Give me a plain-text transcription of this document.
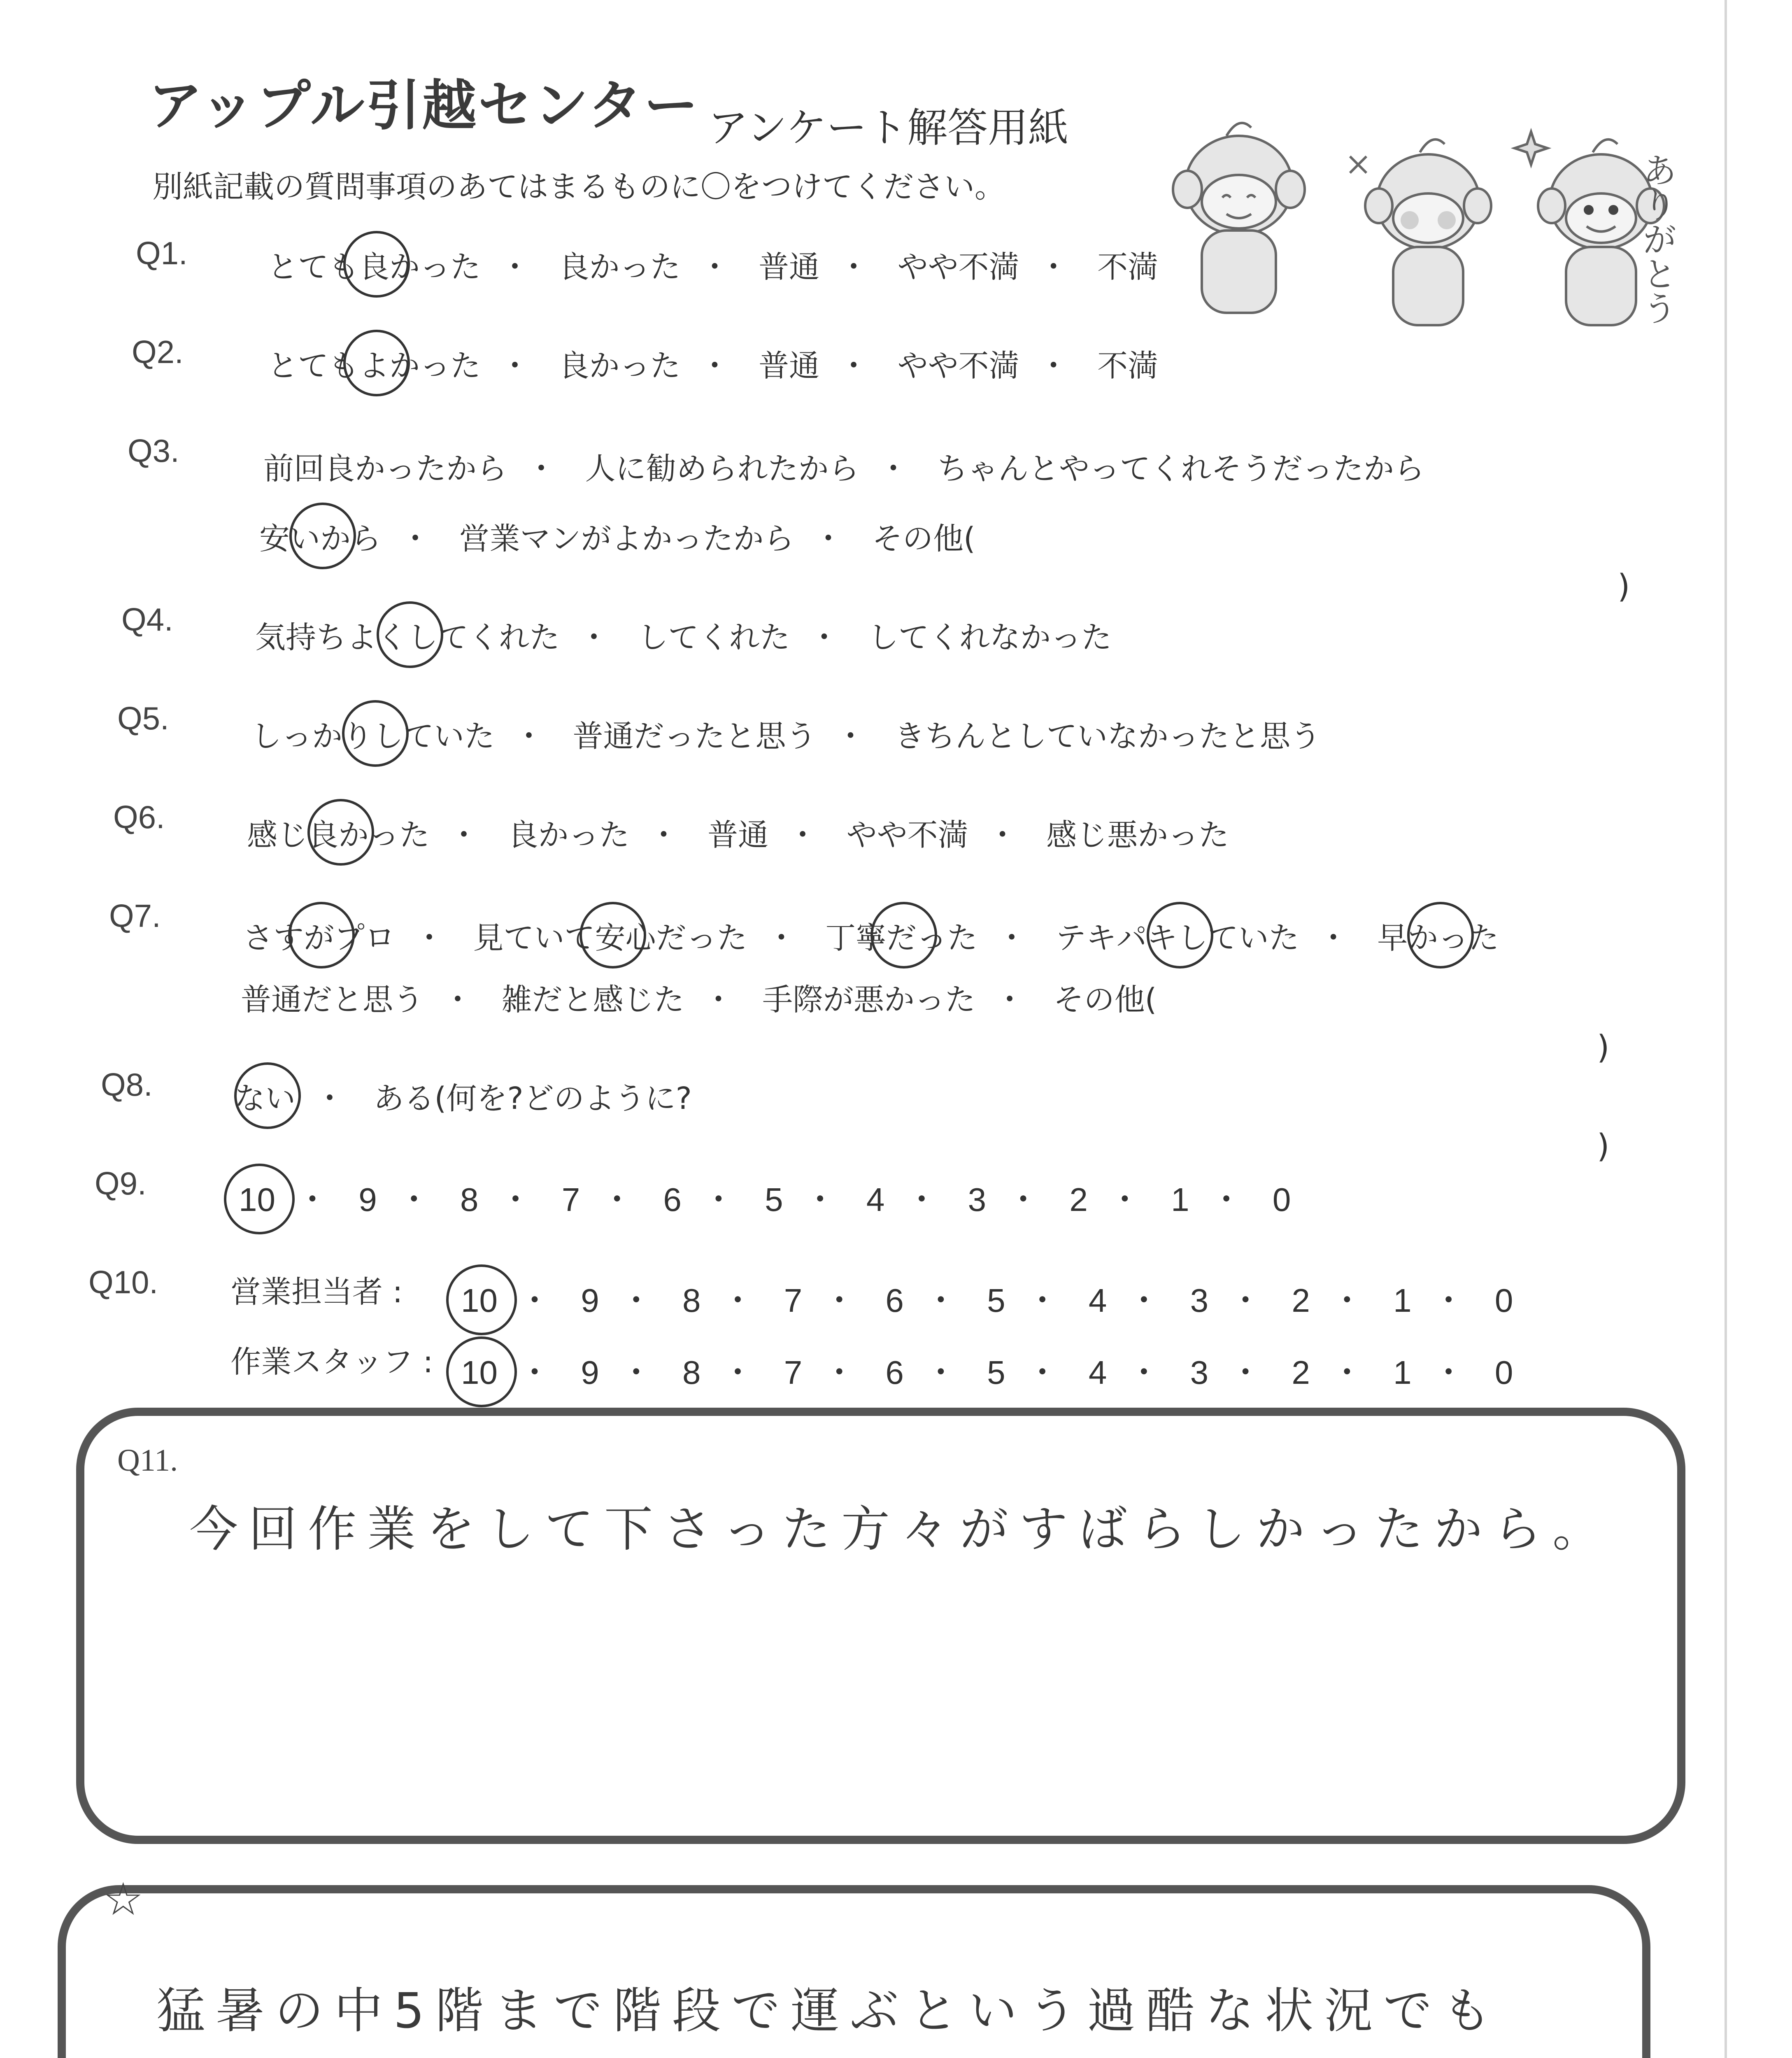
アップル引越センター アンケート解答用紙
別紙記載の質問事項のあてはまるものに〇をつけてください。	ありがとう
Q1.	とても良かった ・ 良かった ・ 普通 ・ やや不満 ・ 不満
Q2.	とてもよかった ・ 良かった ・ 普通 ・ やや不満 ・ 不満
Q3.	前回良かったから ・ 人に勧められたから ・ ちゃんとやってくれそうだったから
安いから ・ 営業マンがよかったから ・ その他(
)
Q4.	気持ちよくしてくれた ・ してくれた ・ してくれなかった
Q5.	しっかりしていた ・ 普通だったと思う ・ きちんとしていなかったと思う
Q6.	感じ良かった ・ 良かった ・ 普通 ・ やや不満 ・ 感じ悪かった
Q7.
さすがプロ ・ 見ていて安心だった ・ 丁寧だった ・ テキパキしていた ・ 早かった
普通だと思う ・ 雑だと感じた ・ 手際が悪かった ・ その他(
)
Q8.	ない ・ ある(何を?どのように?
)
Q9.	10 ・ 9 ・ 8 ・ 7 ・ 6 ・ 5 ・ 4 ・ 3 ・ 2 ・ 1 ・ 0
Q10. 営業担当者 : 10 ・ 9 ・ 8 ・ 7 ・ 6 ・ 5 ・ 4 ・ 3 ・ 2 ・ 1 ・ 0
作業スタッフ : 10 ・ 9 ・ 8 ・ 7 ・ 6 ・ 5 ・ 4 ・ 3 ・ 2 ・ 1 ・ 0
Q11.
今回作業をして下さった方々がすばらしかったから。
☆
猛暑の中5階まで階段で運ぶという過酷な状況でも
